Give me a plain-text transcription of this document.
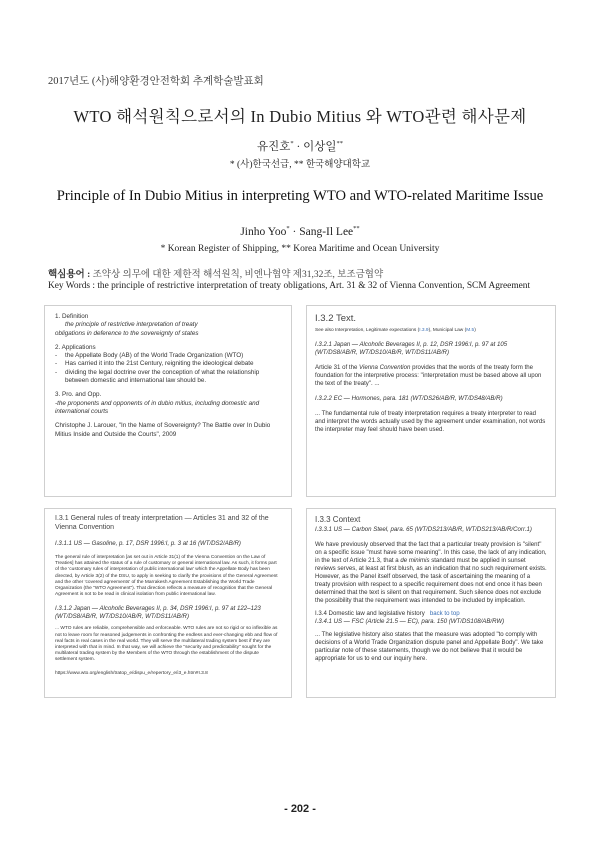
2017년도 (사)해양환경안전학회 추계학술발표회
WTO 해석원칙으로서의 In Dubio Mitius 와 WTO관련 해사문제
유진호* · 이상일**
* (사)한국선급, ** 한국해양대학교
Principle of In Dubio Mitius in interpreting WTO and WTO-related Maritime Issue
Jinho Yoo* · Sang-Il Lee**
* Korean Register of Shipping, ** Korea Maritime and Ocean University
핵심용어 : 조약상 의무에 대한 제한적 해석원칙, 비엔나협약 제31,32조, 보조금협약
Key Words : the principle of restrictive interpretation of treaty obligations, Art. 31 & 32 of Vienna Convention, SCM Agreement

1. Definition

the principle of restrictive interpretation of treaty

obligations in deference to the sovereignty of states

2. Applications

-	the Appellate Body (AB) of the World Trade Organization (WTO)

-	Has carried it into the 21st Century, reigniting the ideological debate

-	dividing the legal doctrine over the conception of what the relationship between domestic and international law should be.

3. Pro. and Opp.

-the proponents and opponents of in dubio mitius, including domestic and international courts

Christophe J. Larouer, "In the Name of Sovereignty? The Battle over In Dubio Mitius Inside and Outside the Courts", 2009

I.3.2 Text.

See also Interpretation, Legitimate expectations (I.3.9), Municipal Law (M.5)

I.3.2.1 Japan — Alcoholic Beverages II, p. 12, DSR 1996:I, p. 97 at 105 (WT/DS8/AB/R, WT/DS10/AB/R, WT/DS11/AB/R)

Article 31 of the Vienna Convention provides that the words of the treaty form the foundation for the interpretive process: "interpretation must be based above all upon the text of the treaty". ...

I.3.2.2 EC — Hormones, para. 181 (WT/DS26/AB/R, WT/DS48/AB/R)

... The fundamental rule of treaty interpretation requires a treaty interpreter to read and interpret the words actually used by the agreement under examination, not words the interpreter may feel should have been used.

I.3.1 General rules of treaty interpretation — Articles 31 and 32 of the Vienna Convention

I.3.1.1 US — Gasoline, p. 17, DSR 1996:I, p. 3 at 16 (WT/DS2/AB/R)

The general rule of interpretation [as set out in Article 31(1) of the Vienna Convention on the Law of Treaties] has attained the status of a rule of customary or general international law. As such, it forms part of the 'customary rules of interpretation of public international law' which the Appellate Body has been directed, by Article 3(2) of the DSU, to apply in seeking to clarify the provisions of the General Agreement and the other 'covered agreements' of the Marrakesh Agreement Establishing the World Trade Organization (the "WTO Agreement"). That direction reflects a measure of recognition that the General Agreement is not to be read in clinical isolation from public international law.

I.3.1.2 Japan — Alcoholic Beverages II, p. 34, DSR 1996:I, p. 97 at 122–123 (WT/DS8/AB/R, WT/DS10/AB/R, WT/DS11/AB/R)

... WTO rules are reliable, comprehensible and enforceable. WTO rules are not so rigid or so inflexible as not to leave room for reasoned judgements in confronting the endless and ever-changing ebb and flow of real facts in real cases in the real world. They will serve the multilateral trading system best if they are interpreted with that in mind. In that way, we will achieve the "security and predictability" sought for the multilateral trading system by the Members of the WTO through the establishment of the dispute settlement system.

https://www.wto.org/english/tratop_e/dispu_e/repertory_e/i3_e.htm#I.3.8

I.3.3 Context

I.3.3.1 US — Carbon Steel, para. 65 (WT/DS213/AB/R, WT/DS213/AB/R/Corr.1)

We have previously observed that the fact that a particular treaty provision is "silent" on a specific issue "must have some meaning". In this case, the lack of any indication, in the text of Article 21.3, that a de minimis standard must be applied in sunset reviews serves, at least at first blush, as an indication that no such requirement exists. However, as the Panel itself observed, the task of ascertaining the meaning of a treaty provision with respect to a specific requirement does not end once it has been determined that the text is silent on that requirement. Such silence does not exclude the possibility that the requirement was intended to be included by implication.

I.3.4 Domestic law and legislative history back to top

I.3.4.1 US — FSC (Article 21.5 — EC), para. 150 (WT/DS108/AB/RW)

... The legislative history also states that the measure was adopted "to comply with decisions of a World Trade Organization dispute panel and Appellate Body". We take particular note of these statements, though we do not believe that it would be appropriate for us to end our inquiry here.

- 202 -
